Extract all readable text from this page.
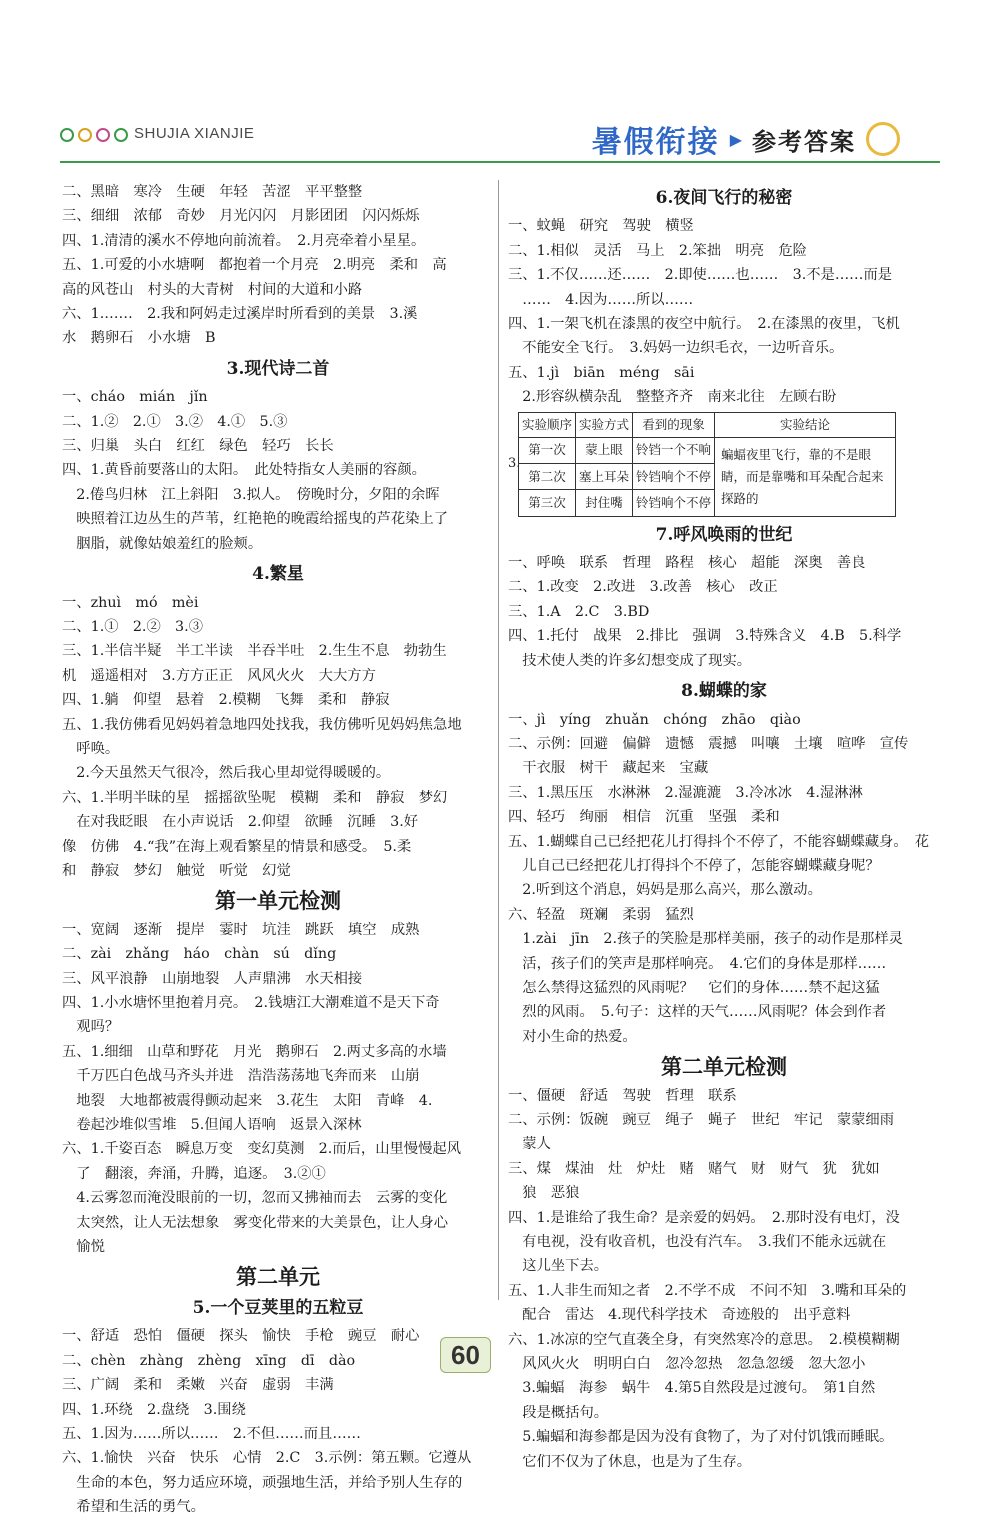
SHUJIA XIANJIE	暑假衔接 ▶ 参考答案
二、黑暗　寒冷　生硬　年轻　苦涩　平平整整
三、细细　浓郁　奇妙　月光闪闪　月影团团　闪闪烁烁
四、1.清清的溪水不停地向前流着。　2.月亮牵着小星星。
五、1.可爱的小水塘啊　都抱着一个月亮　2.明亮　柔和　高
高的风苍山　村头的大青树　村间的大道和小路
六、1.……　2.我和阿妈走过溪岸时所看到的美景　3.溪
水　鹅卵石　小水塘　B
3.现代诗二首
一、cháo　mián　jǐn
二、1.②　2.①　3.②　4.①　5.③
三、归巢　头白　红红　绿色　轻巧　长长
四、1.黄昏前要落山的太阳。　此处特指女人美丽的容颜。
　2.倦鸟归林　江上斜阳　3.拟人。　傍晚时分，夕阳的余晖
　映照着江边丛生的芦苇，红艳艳的晚霞给摇曳的芦花染上了
　胭脂，就像姑娘羞红的脸颊。
4.繁星
一、zhuì　mó　mèi
二、1.①　2.②　3.③
三、1.半信半疑　半工半读　半吞半吐　2.生生不息　勃勃生
机　遥遥相对　3.方方正正　风风火火　大大方方
四、1.躺　仰望　悬着　2.模糊　飞舞　柔和　静寂
五、1.我仿佛看见妈妈着急地四处找我，我仿佛听见妈妈焦急地
　呼唤。
　2.今天虽然天气很冷，然后我心里却觉得暖暖的。
六、1.半明半昧的星　摇摇欲坠呢　模糊　柔和　静寂　梦幻
　在对我眨眼　在小声说话　2.仰望　欲睡　沉睡　3.好
像　仿佛　4.“我”在海上观看繁星的情景和感受。　5.柔
和　静寂　梦幻　触觉　听觉　幻觉
第一单元检测
一、宽阔　逐渐　提岸　霎时　坑洼　跳跃　填空　成熟
二、zài　zhǎng　háo　chàn　sú　dǐng
三、风平浪静　山崩地裂　人声鼎沸　水天相接
四、1.小水塘怀里抱着月亮。　2.钱塘江大潮难道不是天下奇
　观吗？
五、1.细细　山草和野花　月光　鹅卵石　2.两丈多高的水墙
　千万匹白色战马齐头并进　浩浩荡荡地飞奔而来　山崩
　地裂　大地都被震得颤动起来　3.花生　太阳　青峰　4.
　卷起沙堆似雪堆　5.但闻人语响　返景入深林
六、1.千姿百态　瞬息万变　变幻莫测　2.而后，山里慢慢起风
　了　翻滚，奔涌，升腾，追逐。　3.②①
　4.云雾忽而淹没眼前的一切，忽而又拂袖而去　云雾的变化
　太突然，让人无法想象　雾变化带来的大美景色，让人身心
　愉悦
第二单元
5.一个豆荚里的五粒豆
一、舒适　恐怕　僵硬　探头　愉快　手枪　豌豆　耐心
二、chèn　zhàng　zhèng　xīng　dī　dào
三、广阔　柔和　柔嫩　兴奋　虚弱　丰满
四、1.环绕　2.盘绕　3.围绕
五、1.因为……所以……　2.不但……而且……
六、1.愉快　兴奋　快乐　心情　2.C　3.示例：第五颗。它遵从
　生命的本色，努力适应环境，顽强地生活，并给予别人生存的
　希望和生活的勇气。
6.夜间飞行的秘密
一、蚊蝇　研究　驾驶　横竖
二、1.相似　灵活　马上　2.笨拙　明亮　危险
三、1.不仅……还……　2.即使……也……　3.不是……而是
　……　4.因为……所以……
四、1.一架飞机在漆黑的夜空中航行。　2.在漆黑的夜里，飞机
　不能安全飞行。　3.妈妈一边织毛衣，一边听音乐。
五、1.jì　biān　méng　sāi
　2.形容纵横杂乱　整整齐齐　南来北往　左顾右盼
3.
实验顺序	实验方式	看到的现象	实验结论
第一次	蒙上眼	铃铛一个不响	蝙蝠夜里飞行，靠的不是眼睛，而是靠嘴和耳朵配合起来探路的
第二次	塞上耳朵	铃铛响个不停	
第三次	封住嘴	铃铛响个不停	
7.呼风唤雨的世纪
一、呼唤　联系　哲理　路程　核心　超能　深奥　善良
二、1.改变　2.改进　3.改善　核心　改正
三、1.A　2.C　3.BD
四、1.托付　战果　2.排比　强调　3.特殊含义　4.B　5.科学
　技术使人类的许多幻想变成了现实。
8.蝴蝶的家
一、jì　yíng　zhuǎn　chóng　zhāo　qiào
二、示例：回避　偏僻　遗憾　震撼　叫嚷　土壤　喧哗　宣传
　干衣服　树干　藏起来　宝藏
三、1.黑压压　水淋淋　2.湿漉漉　3.冷冰冰　4.湿淋淋
四、轻巧　绚丽　相信　沉重　坚强　柔和
五、1.蝴蝶自己已经把花儿打得抖个不停了，不能容蝴蝶藏身。　花
　儿自己已经把花儿打得抖个不停了，怎能容蝴蝶藏身呢？
　2.听到这个消息，妈妈是那么高兴，那么激动。
六、轻盈　斑斓　柔弱　猛烈
　1.zài　jīn　2.孩子的笑脸是那样美丽，孩子的动作是那样灵
　活，孩子们的笑声是那样响亮。　4.它们的身体是那样……
　怎么禁得这猛烈的风雨呢？　它们的身体……禁不起这猛
　烈的风雨。　5.句子：这样的天气……风雨呢？体会到作者
　对小生命的热爱。
第二单元检测
一、僵硬　舒适　驾驶　哲理　联系
二、示例：饭碗　豌豆　绳子　蝇子　世纪　牢记　蒙蒙细雨
　蒙人
三、煤　煤油　灶　炉灶　赌　赌气　财　财气　犹　犹如
　狼　恶狼
四、1.是谁给了我生命？是亲爱的妈妈。　2.那时没有电灯，没
　有电视，没有收音机，也没有汽车。　3.我们不能永远就在
　这儿坐下去。
五、1.人非生而知之者　2.不学不成　不问不知　3.嘴和耳朵的
　配合　雷达　4.现代科学技术　奇迹般的　出乎意料
六、1.冰凉的空气直袭全身，有突然寒冷的意思。　2.模模糊糊
　风风火火　明明白白　忽冷忽热　忽急忽缓　忽大忽小
　3.蝙蝠　海参　蜗牛　4.第5自然段是过渡句。　第1自然
　段是概括句。
　5.蝙蝠和海参都是因为没有食物了，为了对付饥饿而睡眠。
　它们不仅为了休息，也是为了生存。
60
